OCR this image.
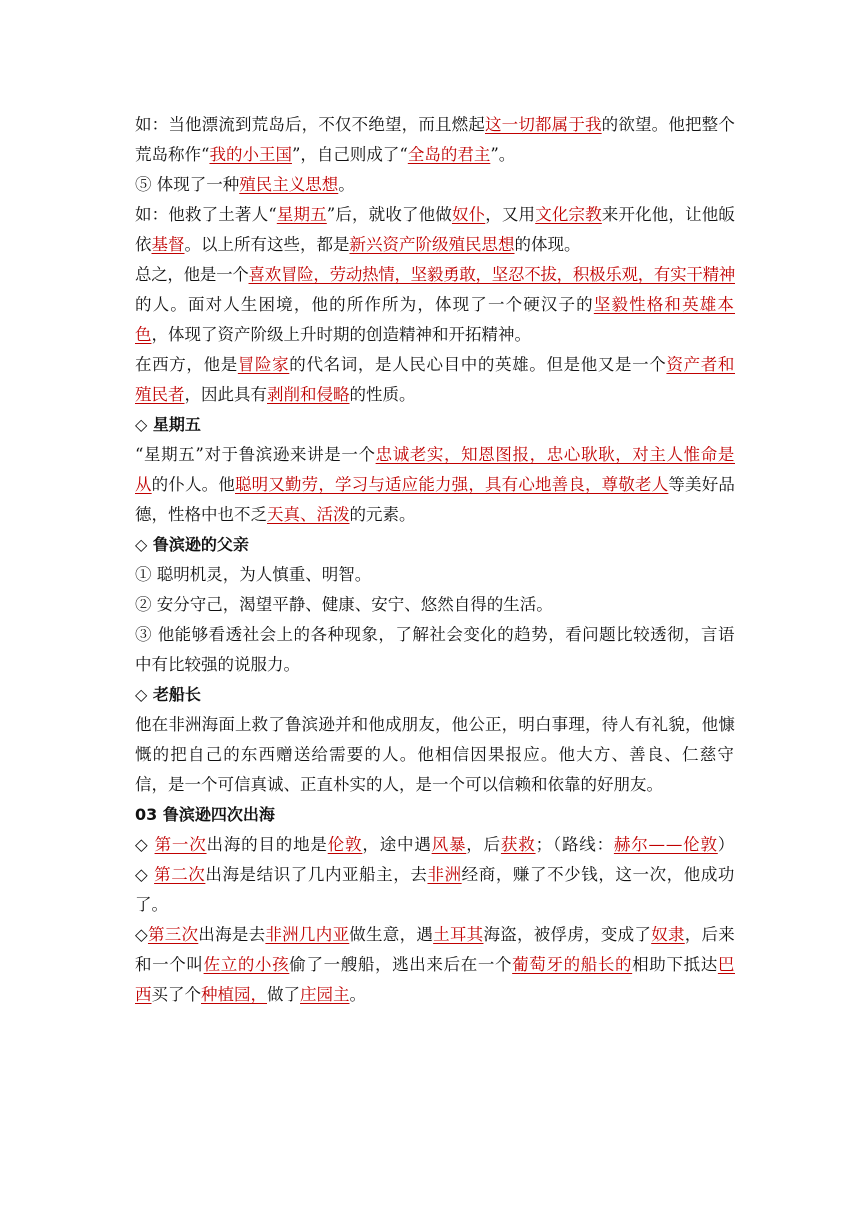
如：当他漂流到荒岛后，不仅不绝望，而且燃起这一切都属于我的欲望。他把整个
荒岛称作“我的小王国”，自己则成了“全岛的君主”。
⑤ 体现了一种殖民主义思想。
如：他救了土著人“星期五”后，就收了他做奴仆，又用文化宗教来开化他，让他皈
依基督。以上所有这些，都是新兴资产阶级殖民思想的体现。
总之，他是一个喜欢冒险，劳动热情，坚毅勇敢，坚忍不拔，积极乐观，有实干精神
的人。面对人生困境，他的所作所为，体现了一个硬汉子的坚毅性格和英雄本
色，体现了资产阶级上升时期的创造精神和开拓精神。
在西方，他是冒险家的代名词，是人民心目中的英雄。但是他又是一个资产者和
殖民者，因此具有剥削和侵略的性质。
◇ 星期五
“星期五”对于鲁滨逊来讲是一个忠诚老实，知恩图报，忠心耿耿，对主人惟命是
从的仆人。他聪明又勤劳，学习与适应能力强，具有心地善良，尊敬老人等美好品
德，性格中也不乏天真、活泼的元素。
◇ 鲁滨逊的父亲
① 聪明机灵，为人慎重、明智。
② 安分守己，渴望平静、健康、安宁、悠然自得的生活。
③ 他能够看透社会上的各种现象，了解社会变化的趋势，看问题比较透彻，言语
中有比较强的说服力。
◇ 老船长
他在非洲海面上救了鲁滨逊并和他成朋友，他公正，明白事理，待人有礼貌，他慷
慨的把自己的东西赠送给需要的人。他相信因果报应。他大方、善良、仁慈守
信，是一个可信真诚、正直朴实的人，是一个可以信赖和依靠的好朋友。
03 鲁滨逊四次出海
◇ 第一次出海的目的地是伦敦，途中遇风暴，后获救；（路线：赫尔——伦敦）
◇ 第二次出海是结识了几内亚船主，去非洲经商，赚了不少钱，这一次，他成功
了。
◇第三次出海是去非洲几内亚做生意，遇土耳其海盗，被俘虏，变成了奴隶，后来
和一个叫佐立的小孩偷了一艘船，逃出来后在一个葡萄牙的船长的相助下抵达巴
西买了个种植园，做了庄园主。
